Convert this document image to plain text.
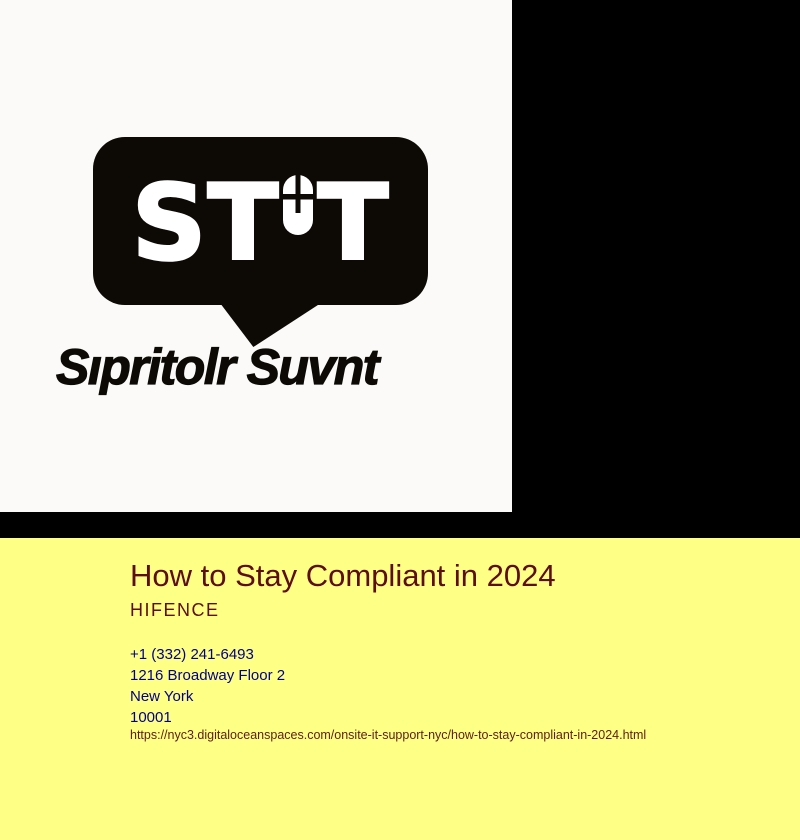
ST T
Sıpritolr Suvnt
How to Stay Compliant in 2024
HIFENCE
+1 (332) 241-6493
1216 Broadway Floor 2
New York
10001
https://nyc3.digitaloceanspaces.com/onsite-it-support-nyc/how-to-stay-compliant-in-2024.html
